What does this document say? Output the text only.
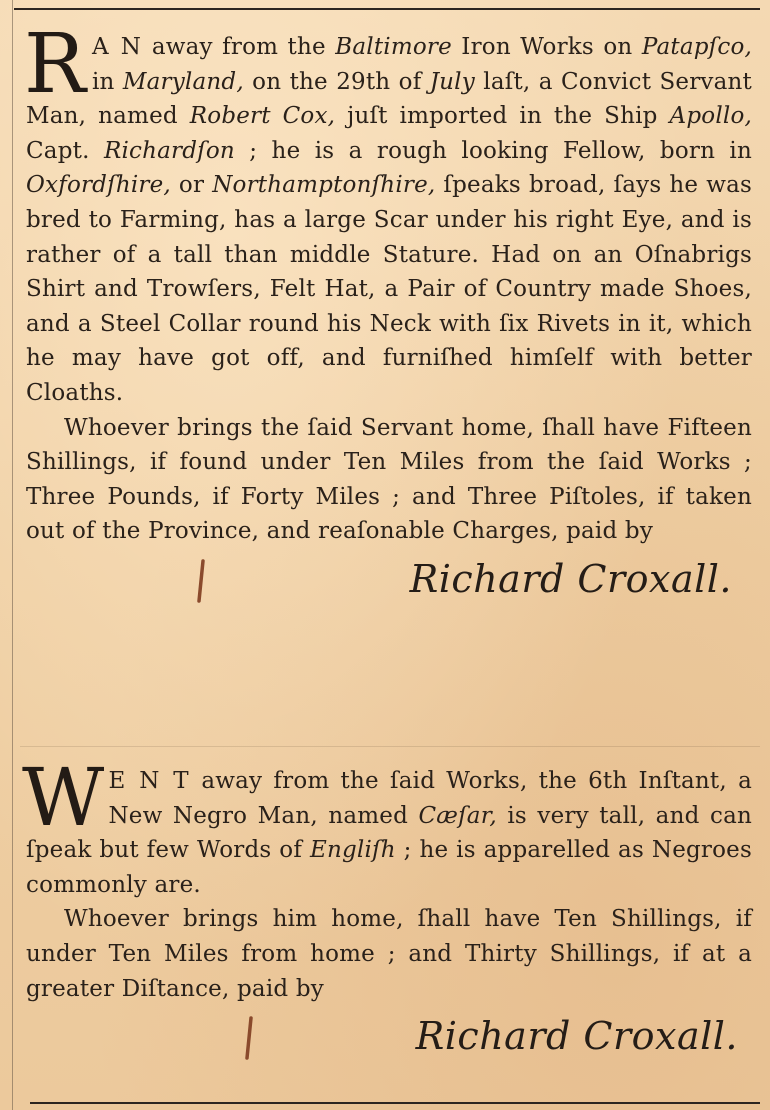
R A N away from the Baltimore Iron Works on Patapſco, in Maryland, on the 29th of July laſt, a Convict Servant Man, named Robert Cox, juſt imported in the Ship Apollo, Capt. Richardſon ; he is a rough looking Fellow, born in Oxfordſhire, or Northamptonſhire, ſpeaks broad, ſays he was bred to Farming, has a large Scar under his right Eye, and is rather of a tall than middle Stature. Had on an Oſnabrigs Shirt and Trowſers, Felt Hat, a Pair of Country made Shoes, and a Steel Collar round his Neck with ſix Rivets in it, which he may have got off, and furniſhed himſelf with better Cloaths.

Whoever brings the ſaid Servant home, ſhall have Fifteen Shillings, if found under Ten Miles from the ſaid Works ; Three Pounds, if Forty Miles ; and Three Piſtoles, if taken out of the Province, and reaſonable Charges, paid by

Richard Croxall.

W E N T away from the ſaid Works, the 6th Inſtant, a New Negro Man, named Cæſar, is very tall, and can ſpeak but few Words of Engliſh ; he is apparelled as Negroes commonly are.

Whoever brings him home, ſhall have Ten Shillings, if under Ten Miles from home ; and Thirty Shillings, if at a greater Diſtance, paid by

Richard Croxall.
